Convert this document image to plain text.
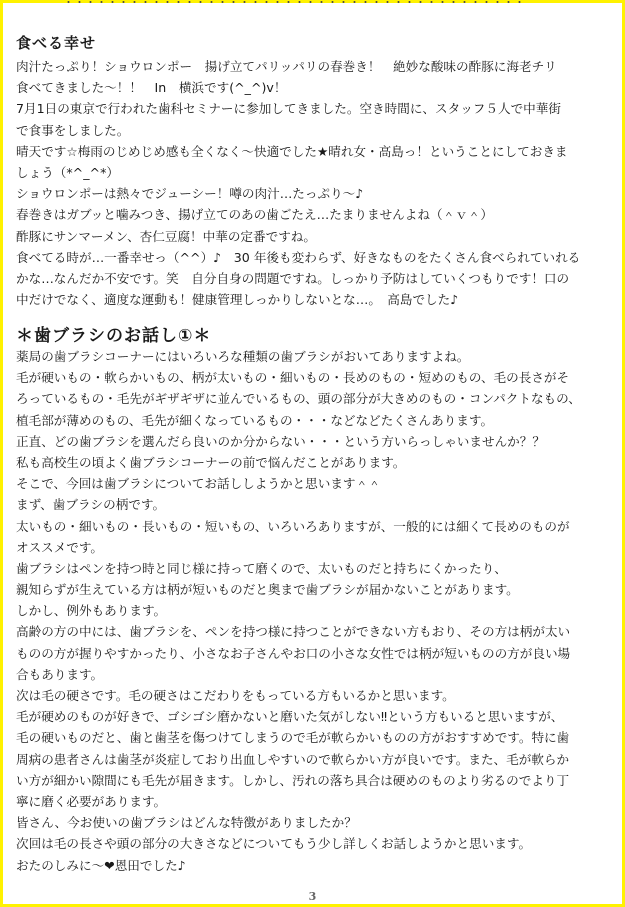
・・・・・・・・・・・・・・・・・・・・・・・・・・・・・・・・・・・・・・・・・・
食べる幸せ
肉汁たっぷり！ショウロンポー　揚げ立てパリッパリの春巻き！　絶妙な酸味の酢豚に海老チリ
食べてきました～！！　In　横浜です(^_^)v！
7月1日の東京で行われた歯科セミナーに参加してきました。空き時間に、スタッフ５人で中華街
で食事をしました。
晴天です☆梅雨のじめじめ感も全くなく～快適でした★晴れ女・高島っ！ということにしておきま
しょう（*^_^*）
ショウロンポーは熱々でジューシー！噂の肉汁…たっぷり～♪
春巻きはガブッと噛みつき、揚げ立てのあの歯ごたえ…たまりませんよね（＾ｖ＾）
酢豚にサンマーメン、杏仁豆腐！中華の定番ですね。
食べてる時が…一番幸せっ（^^）♪　30 年後も変わらず、好きなものをたくさん食べられていれる
かな…なんだか不安です。笑　自分自身の問題ですね。しっかり予防はしていくつもりです！口の
中だけでなく、適度な運動も！健康管理しっかりしないとな…。　高島でした♪
＊歯ブラシのお話し①＊
薬局の歯ブラシコーナーにはいろいろな種類の歯ブラシがおいてありますよね。
毛が硬いもの・軟らかいもの、柄が太いもの・細いもの・長めのもの・短めのもの、毛の長さがそ
ろっているもの・毛先がギザギザに並んでいるもの、頭の部分が大きめのもの・コンパクトなもの、
植毛部が薄めのもの、毛先が細くなっているもの・・・などなどたくさんあります。
正直、どの歯ブラシを選んだら良いのか分からない・・・という方いらっしゃいませんか？？
私も高校生の頃よく歯ブラシコーナーの前で悩んだことがあります。
そこで、今回は歯ブラシについてお話ししようかと思います＾＾
まず、歯ブラシの柄です。
太いもの・細いもの・長いもの・短いもの、いろいろありますが、一般的には細くて長めのものが
オススメです。
歯ブラシはペンを持つ時と同じ様に持って磨くので、太いものだと持ちにくかったり、
親知らずが生えている方は柄が短いものだと奥まで歯ブラシが届かないことがあります。
しかし、例外もあります。
高齢の方の中には、歯ブラシを、ペンを持つ様に持つことができない方もおり、その方は柄が太い
ものの方が握りやすかったり、小さなお子さんやお口の小さな女性では柄が短いものの方が良い場
合もあります。
次は毛の硬さです。毛の硬さはこだわりをもっている方もいるかと思います。
毛が硬めのものが好きで、ゴシゴシ磨かないと磨いた気がしない‼という方もいると思いますが、
毛の硬いものだと、歯と歯茎を傷つけてしまうので毛が軟らかいものの方がおすすめです。特に歯
周病の患者さんは歯茎が炎症しており出血しやすいので軟らかい方が良いです。また、毛が軟らか
い方が細かい隙間にも毛先が届きます。しかし、汚れの落ち具合は硬めのものより劣るのでより丁
寧に磨く必要があります。
皆さん、今お使いの歯ブラシはどんな特徴がありましたか？
次回は毛の長さや頭の部分の大きさなどについてもう少し詳しくお話しようかと思います。
おたのしみに～❤恩田でした♪
3
